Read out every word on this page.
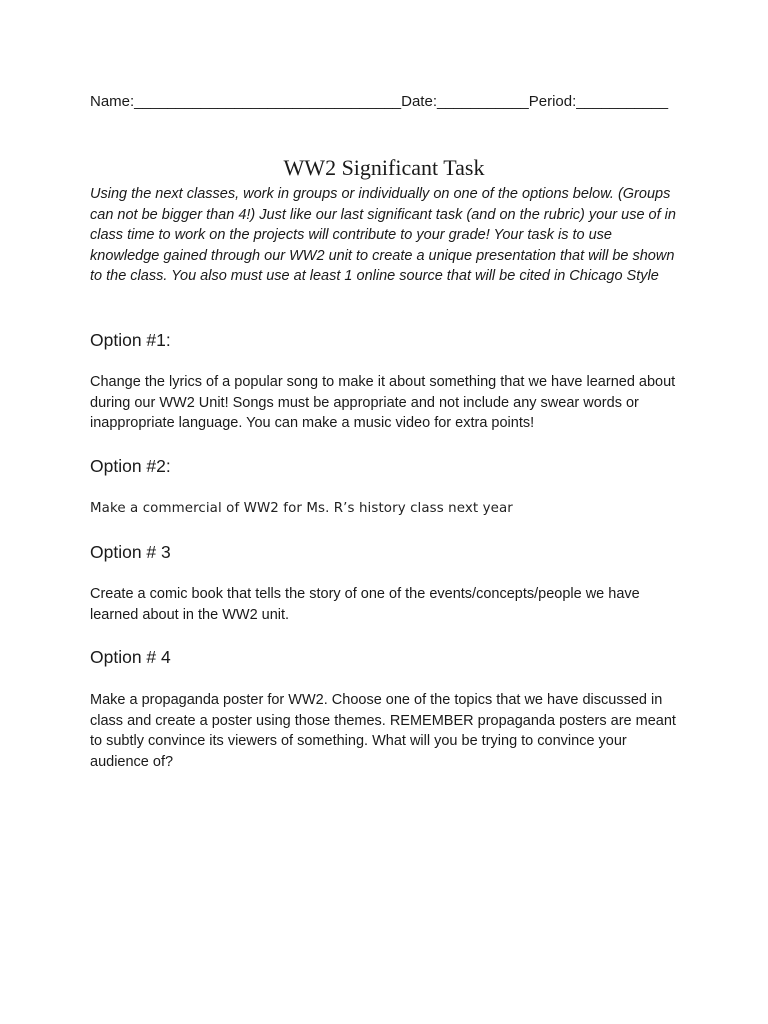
Name:________________________________Date:___________Period:___________
WW2 Significant Task
Using the next classes, work in groups or individually on one of the options below. (Groups can not be bigger than 4!) Just like our last significant task (and on the rubric) your use of in class time to work on the projects will contribute to your grade! Your task is to use knowledge gained through our WW2 unit to create a unique presentation that will be shown to the class. You also must use at least 1 online source that will be cited in Chicago Style
Option #1:
Change the lyrics of a popular song to make it about something that we have learned about during our WW2 Unit! Songs must be appropriate and not include any swear words or inappropriate language. You can make a music video for extra points!
Option #2:
Make a commercial of WW2 for Ms. R’s history class next year
Option # 3
Create a comic book that tells the story of one of the events/concepts/people we have learned about in the WW2 unit.
Option # 4
Make a propaganda poster for WW2. Choose one of the topics that we have discussed in class and create a poster using those themes. REMEMBER propaganda posters are meant to subtly convince its viewers of something. What will you be trying to convince your audience of?
